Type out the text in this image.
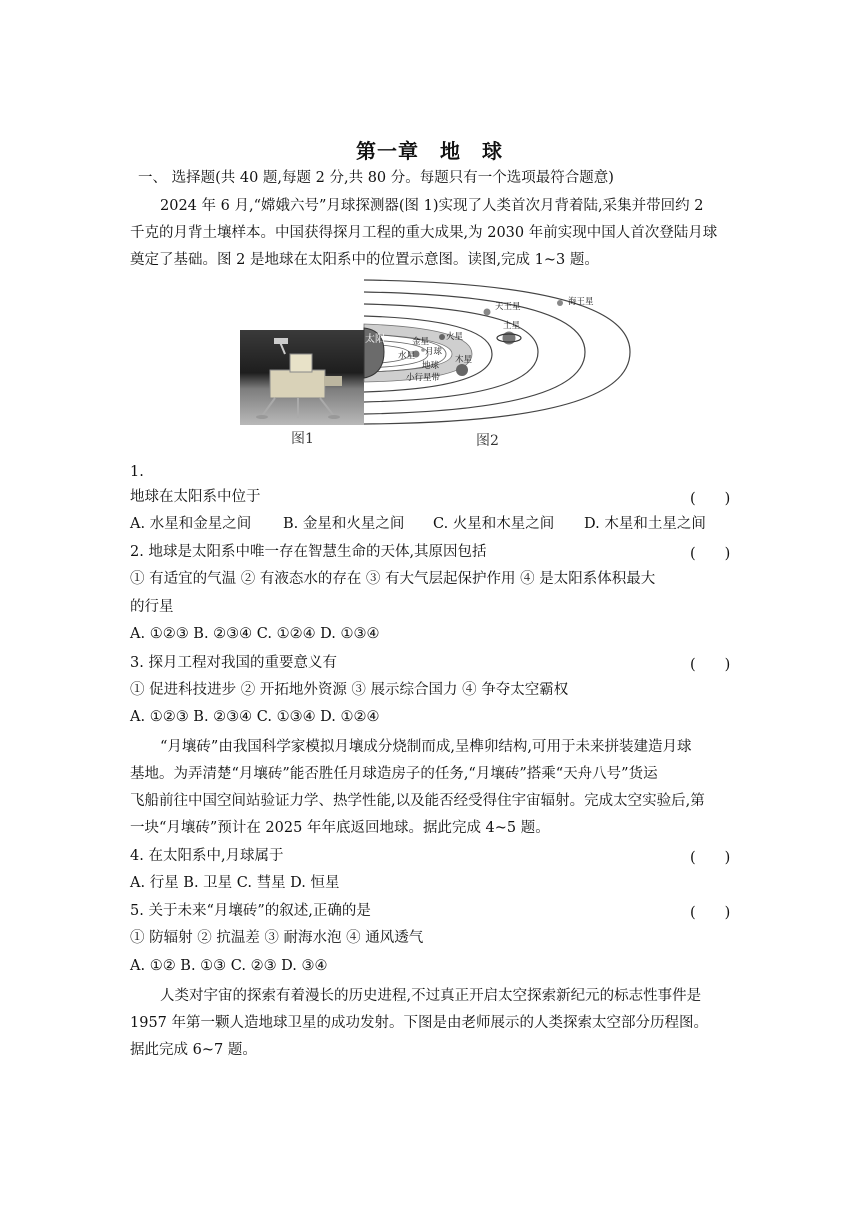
第一章　地　球
一、 选择题(共 40 题,每题 2 分,共 80 分。每题只有一个选项最符合题意)
2024 年 6 月,“嫦娥六号”月球探测器(图 1)实现了人类首次月背着陆,采集并带回约 2
千克的月背土壤样本。中国获得探月工程的重大成果,为 2030 年前实现中国人首次登陆月球
奠定了基础。图 2 是地球在太阳系中的位置示意图。读图,完成 1~3 题。
图1
太阳
水星
金星
月球
地球
火星
小行星带
木星
土星
天王星	海王星
图2
1.
地球在太阳系中位于	(　　)
A. 水星和金星之间 B. 金星和火星之间 C. 火星和木星之间 D. 木星和土星之间
2. 地球是太阳系中唯一存在智慧生命的天体,其原因包括	(　　)
① 有适宜的气温 ② 有液态水的存在 ③ 有大气层起保护作用 ④ 是太阳系体积最大
的行星
A. ①②③ B. ②③④ C. ①②④ D. ①③④
3. 探月工程对我国的重要意义有	(　　)
① 促进科技进步 ② 开拓地外资源 ③ 展示综合国力 ④ 争夺太空霸权
A. ①②③ B. ②③④ C. ①③④ D. ①②④
“月壤砖”由我国科学家模拟月壤成分烧制而成,呈榫卯结构,可用于未来拼装建造月球
基地。为弄清楚“月壤砖”能否胜任月球造房子的任务,“月壤砖”搭乘“天舟八号”货运
飞船前往中国空间站验证力学、热学性能,以及能否经受得住宇宙辐射。完成太空实验后,第
一块“月壤砖”预计在 2025 年年底返回地球。据此完成 4~5 题。
4. 在太阳系中,月球属于	(　　)
A. 行星 B. 卫星 C. 彗星 D. 恒星
5. 关于未来“月壤砖”的叙述,正确的是	(　　)
① 防辐射 ② 抗温差 ③ 耐海水泡 ④ 通风透气
A. ①② B. ①③ C. ②③ D. ③④
人类对宇宙的探索有着漫长的历史进程,不过真正开启太空探索新纪元的标志性事件是
1957 年第一颗人造地球卫星的成功发射。下图是由老师展示的人类探索太空部分历程图。
据此完成 6~7 题。
